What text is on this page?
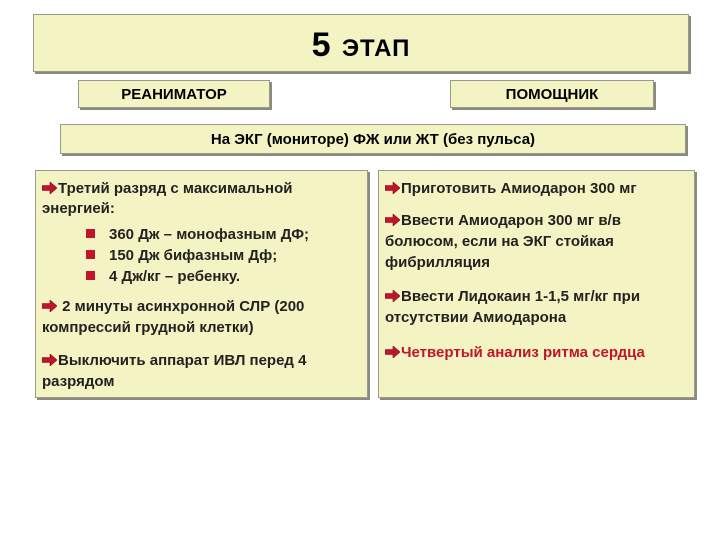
5 ЭТАП
РЕАНИМАТОР	ПОМОЩНИК
На ЭКГ (мониторе) ФЖ или ЖТ (без пульса)
Третий разряд с максимальной
энергией:
360 Дж – монофазным ДФ;
150 Дж бифазным Дф;
4 Дж/кг – ребенку.
2 минуты асинхронной СЛР (200
компрессий грудной клетки)
Выключить аппарат ИВЛ перед 4
разрядом
Приготовить Амиодарон 300 мг
Ввести Амиодарон 300 мг в/в
болюсом, если на ЭКГ стойкая
фибрилляция
Ввести Лидокаин 1-1,5 мг/кг при
отсутствии Амиодарона
Четвертый анализ ритма сердца
